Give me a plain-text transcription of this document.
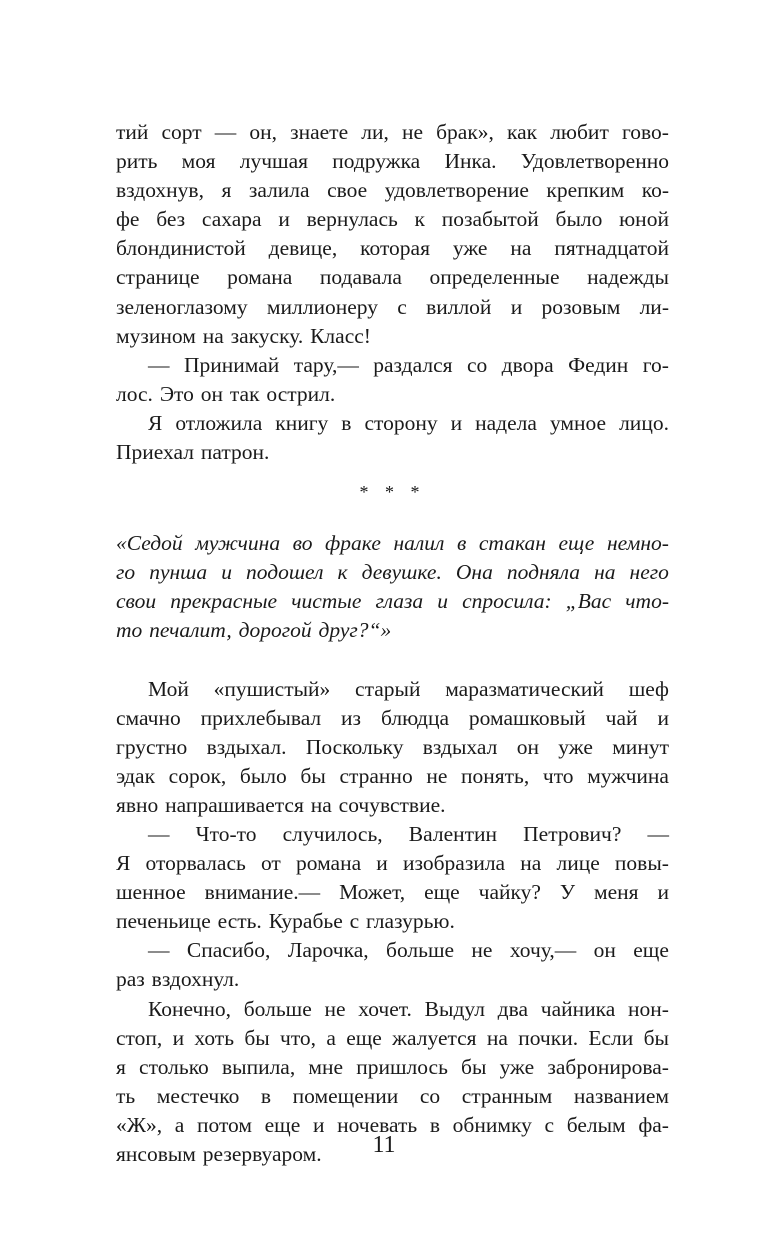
тий сорт — он, знаете ли, не брак», как любит гово-
рить моя лучшая подружка Инка. Удовлетворенно
вздохнув, я залила свое удовлетворение крепким ко-
фе без сахара и вернулась к позабытой было юной
блондинистой девице, которая уже на пятнадцатой
странице романа подавала определенные надежды
зеленоглазому миллионеру с виллой и розовым ли-
музином на закуску. Класс!
— Принимай тару,— раздался со двора Федин го-
лос. Это он так острил.
Я отложила книгу в сторону и надела умное лицо.
Приехал патрон.
* * *
«Седой мужчина во фраке налил в стакан еще немно-
го пунша и подошел к девушке. Она подняла на него
свои прекрасные чистые глаза и спросила: „Вас что-
то печалит, дорогой друг?“»
Мой «пушистый» старый маразматический шеф
смачно прихлебывал из блюдца ромашковый чай и
грустно вздыхал. Поскольку вздыхал он уже минут
эдак сорок, было бы странно не понять, что мужчина
явно напрашивается на сочувствие.
— Что-то случилось, Валентин Петрович? —
Я оторвалась от романа и изобразила на лице повы-
шенное внимание.— Может, еще чайку? У меня и
печеньице есть. Курабье с глазурью.
— Спасибо, Ларочка, больше не хочу,— он еще
раз вздохнул.
Конечно, больше не хочет. Выдул два чайника нон-
стоп, и хоть бы что, а еще жалуется на почки. Если бы
я столько выпила, мне пришлось бы уже забронирова-
ть местечко в помещении со странным названием
«Ж», а потом еще и ночевать в обнимку с белым фа-
янсовым резервуаром.	11
